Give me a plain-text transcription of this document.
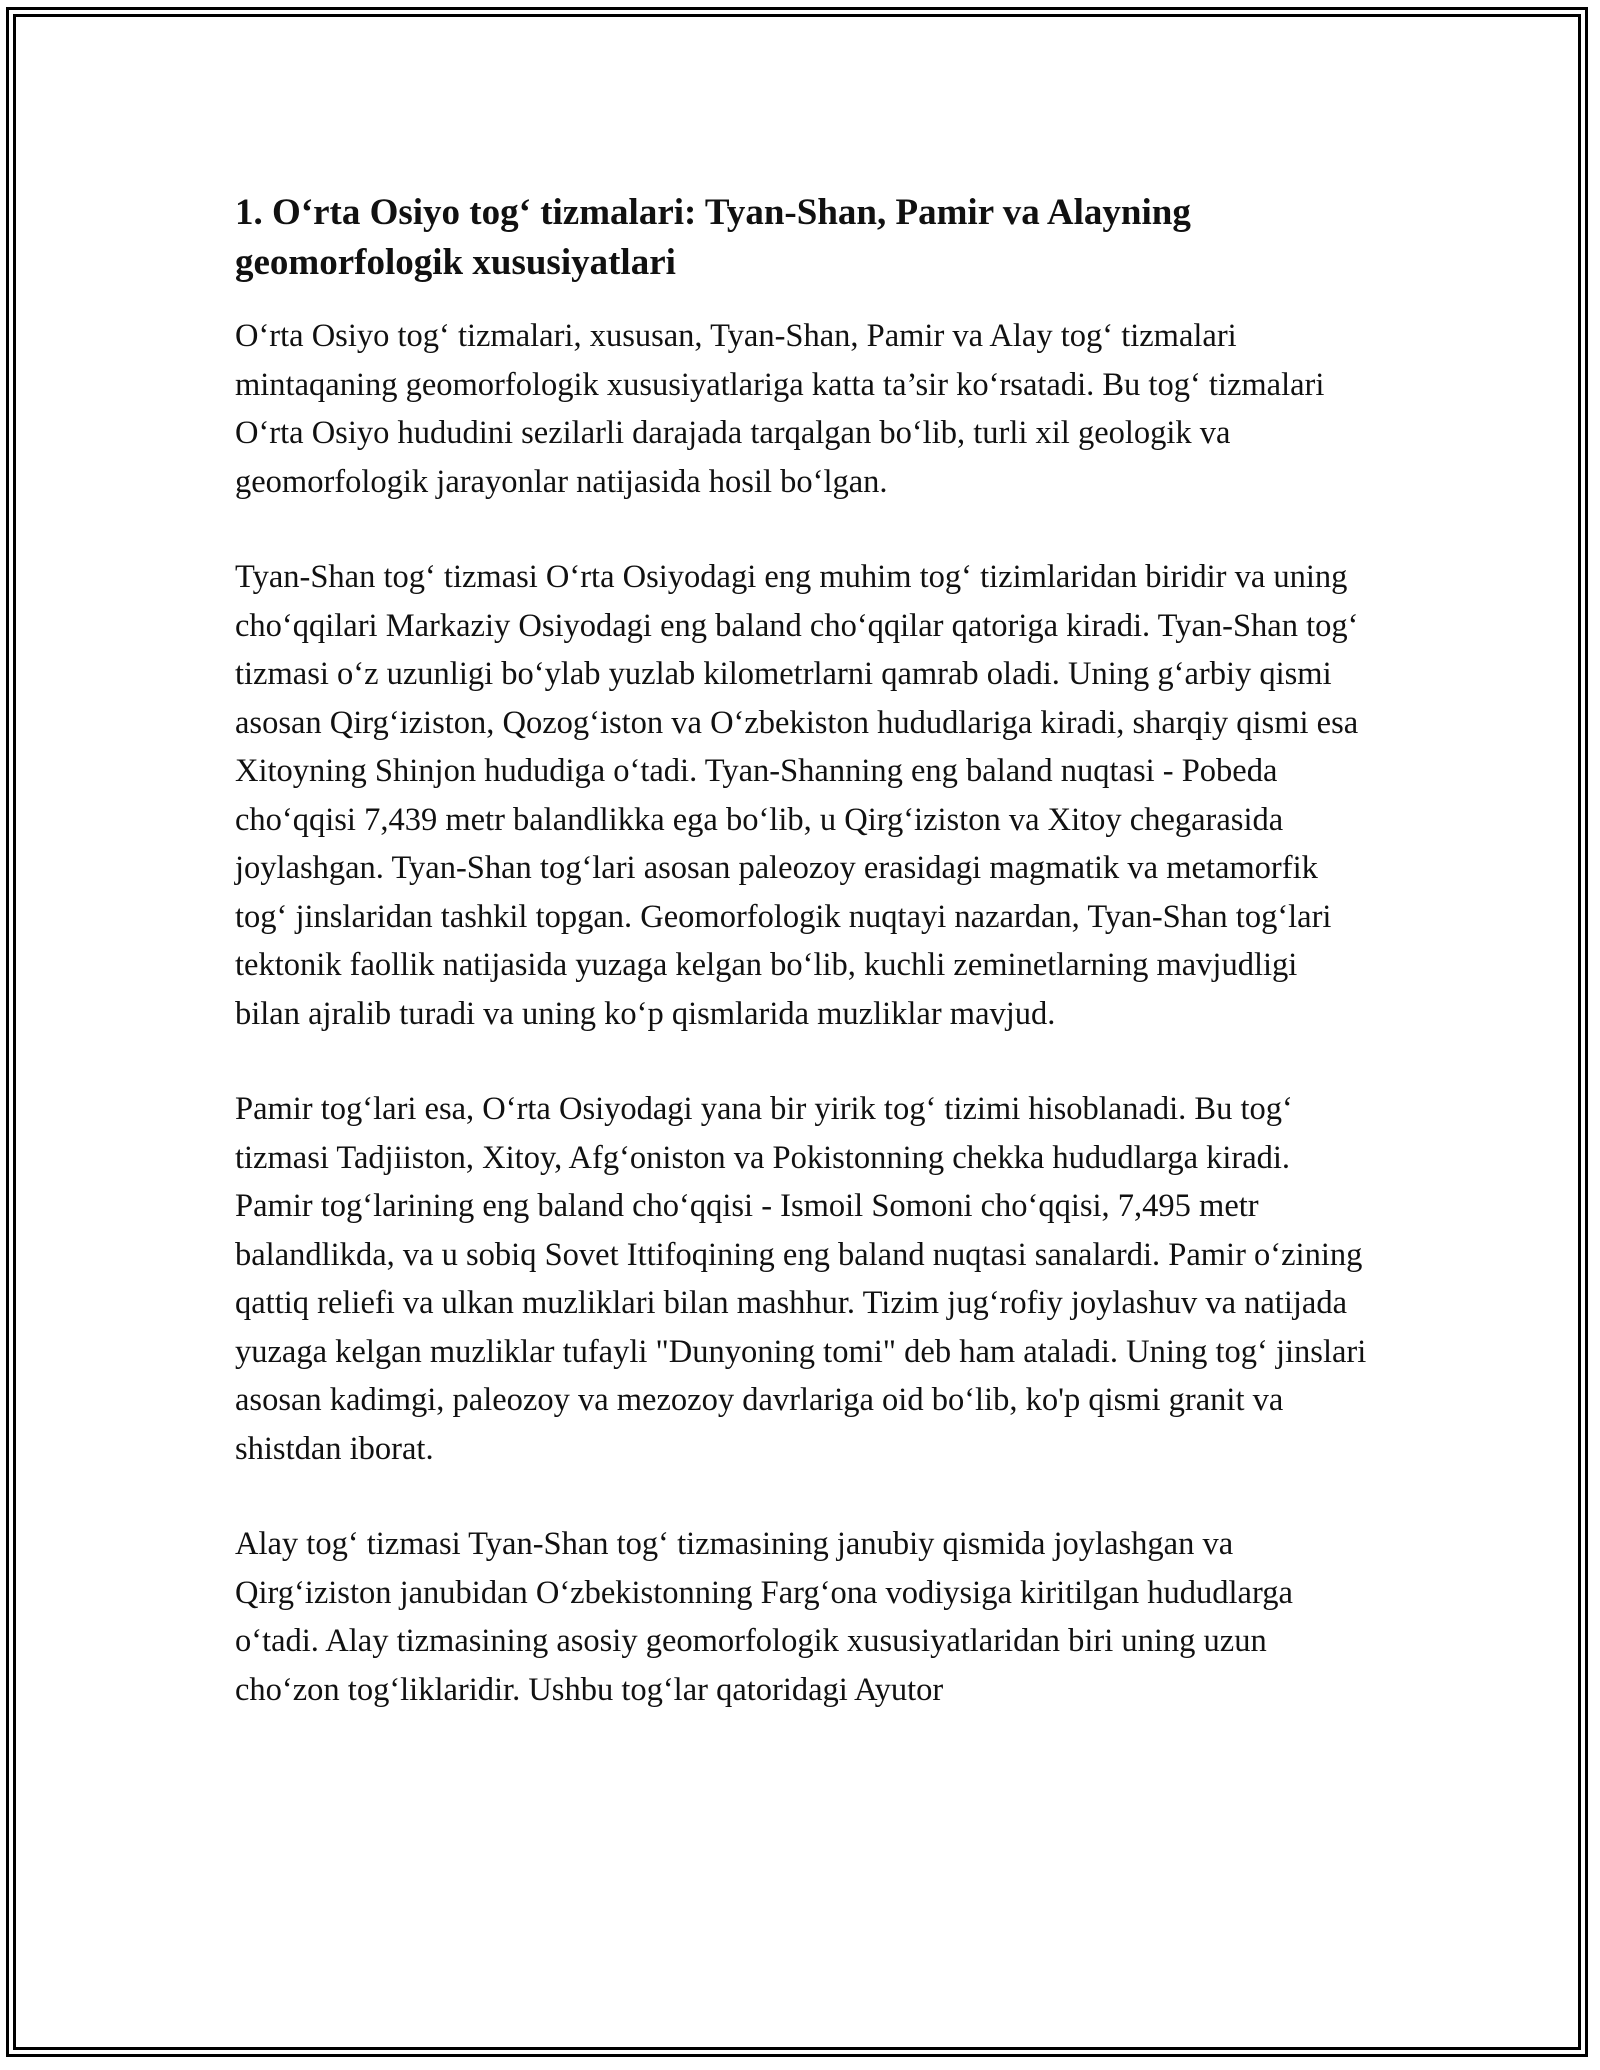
1. O‘rta Osiyo tog‘ tizmalari: Tyan-Shan, Pamir va Alayning geomorfologik xususiyatlari

O‘rta Osiyo tog‘ tizmalari, xususan, Tyan-Shan, Pamir va Alay tog‘ tizmalari mintaqaning geomorfologik xususiyatlariga katta ta’sir ko‘rsatadi. Bu tog‘ tizmalari O‘rta Osiyo hududini sezilarli darajada tarqalgan bo‘lib, turli xil geologik va geomorfologik jarayonlar natijasida hosil bo‘lgan.

Tyan-Shan tog‘ tizmasi O‘rta Osiyodagi eng muhim tog‘ tizimlaridan biridir va uning cho‘qqilari Markaziy Osiyodagi eng baland cho‘qqilar qatoriga kiradi. Tyan-Shan tog‘ tizmasi o‘z uzunligi bo‘ylab yuzlab kilometrlarni qamrab oladi. Uning g‘arbiy qismi asosan Qirg‘iziston, Qozog‘iston va O‘zbekiston hududlariga kiradi, sharqiy qismi esa Xitoyning Shinjon hududiga o‘tadi. Tyan-Shanning eng baland nuqtasi - Pobeda cho‘qqisi 7,439 metr balandlikka ega bo‘lib, u Qirg‘iziston va Xitoy chegarasida joylashgan. Tyan-Shan tog‘lari asosan paleozoy erasidagi magmatik va metamorfik tog‘ jinslaridan tashkil topgan. Geomorfologik nuqtayi nazardan, Tyan-Shan tog‘lari tektonik faollik natijasida yuzaga kelgan bo‘lib, kuchli zeminetlarning mavjudligi bilan ajralib turadi va uning ko‘p qismlarida muzliklar mavjud.

Pamir tog‘lari esa, O‘rta Osiyodagi yana bir yirik tog‘ tizimi hisoblanadi. Bu tog‘ tizmasi Tadjiiston, Xitoy, Afg‘oniston va Pokistonning chekka hududlarga kiradi. Pamir tog‘larining eng baland cho‘qqisi - Ismoil Somoni cho‘qqisi, 7,495 metr balandlikda, va u sobiq Sovet Ittifoqining eng baland nuqtasi sanalardi. Pamir o‘zining qattiq reliefi va ulkan muzliklari bilan mashhur. Tizim jug‘rofiy joylashuv va natijada yuzaga kelgan muzliklar tufayli "Dunyoning tomi" deb ham ataladi. Uning tog‘ jinslari asosan kadimgi, paleozoy va mezozoy davrlariga oid bo‘lib, ko'p qismi granit va shistdan iborat.

Alay tog‘ tizmasi Tyan-Shan tog‘ tizmasining janubiy qismida joylashgan va Qirg‘iziston janubidan O‘zbekistonning Farg‘ona vodiysiga kiritilgan hududlarga o‘tadi. Alay tizmasining asosiy geomorfologik xususiyatlaridan biri uning uzun cho‘zon tog‘liklaridir. Ushbu tog‘lar qatoridagi Ayutor
